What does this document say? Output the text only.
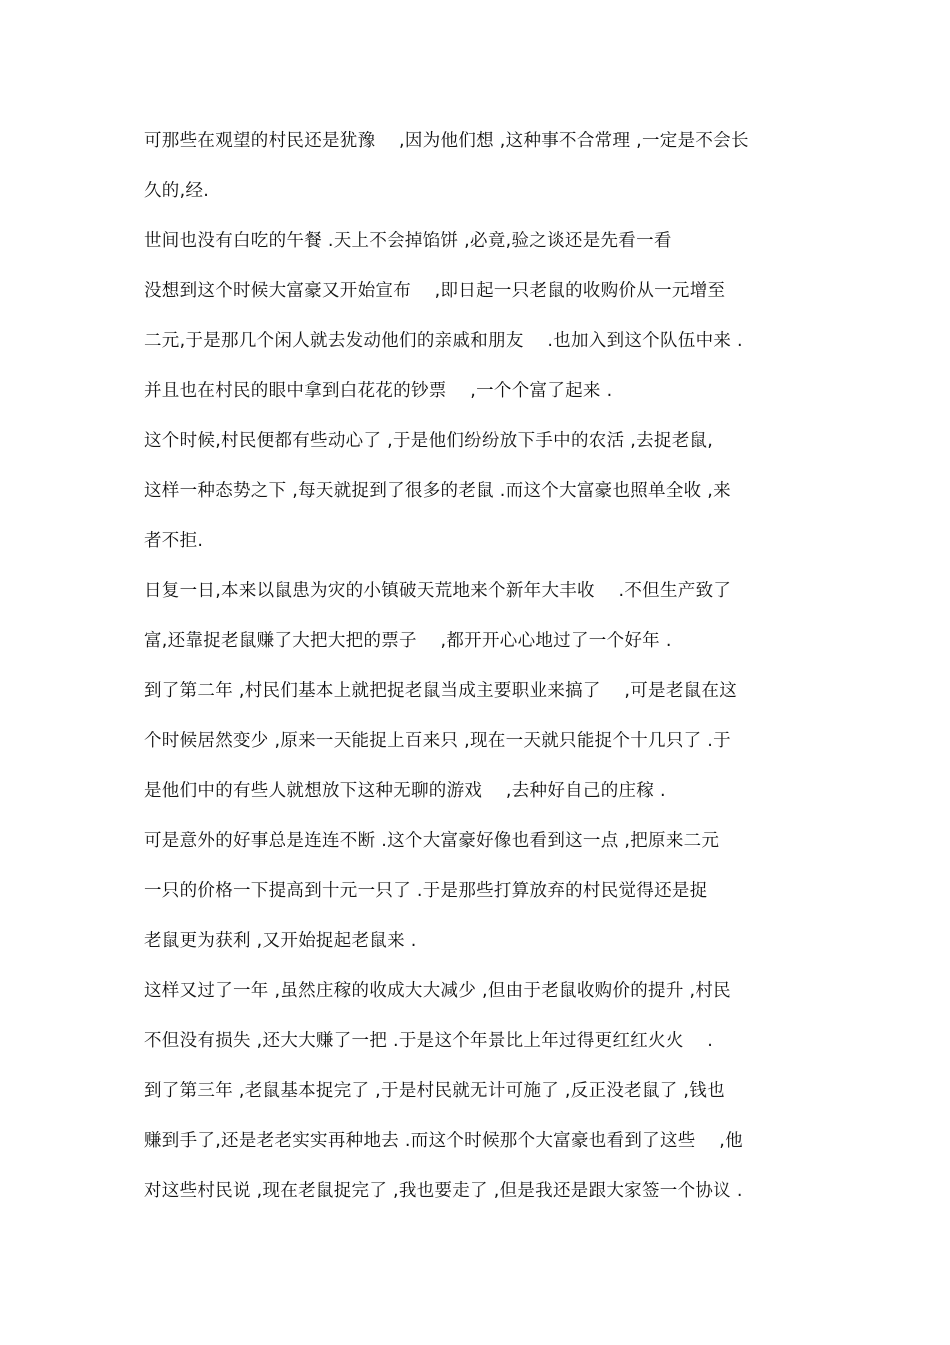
可那些在观望的村民还是犹豫　 ,因为他们想 ,这种事不合常理 ,一定是不会长
久的,经.
世间也没有白吃的午餐 .天上不会掉馅饼 ,必竟,验之谈还是先看一看
没想到这个时候大富豪又开始宣布　 ,即日起一只老鼠的收购价从一元增至
二元,于是那几个闲人就去发动他们的亲戚和朋友　 .也加入到这个队伍中来 .
并且也在村民的眼中拿到白花花的钞票　 ,一个个富了起来 .
这个时候,村民便都有些动心了 ,于是他们纷纷放下手中的农活 ,去捉老鼠,
这样一种态势之下 ,每天就捉到了很多的老鼠 .而这个大富豪也照单全收 ,来
者不拒.
日复一日,本来以鼠患为灾的小镇破天荒地来个新年大丰收　 .不但生产致了
富,还靠捉老鼠赚了大把大把的票子　 ,都开开心心地过了一个好年 .
到了第二年 ,村民们基本上就把捉老鼠当成主要职业来搞了　 ,可是老鼠在这
个时候居然变少 ,原来一天能捉上百来只 ,现在一天就只能捉个十几只了 .于
是他们中的有些人就想放下这种无聊的游戏　 ,去种好自己的庄稼 .
可是意外的好事总是连连不断 .这个大富豪好像也看到这一点 ,把原来二元
一只的价格一下提高到十元一只了 .于是那些打算放弃的村民觉得还是捉
老鼠更为获利 ,又开始捉起老鼠来 .
这样又过了一年 ,虽然庄稼的收成大大减少 ,但由于老鼠收购价的提升 ,村民
不但没有损失 ,还大大赚了一把 .于是这个年景比上年过得更红红火火　 .
到了第三年 ,老鼠基本捉完了 ,于是村民就无计可施了 ,反正没老鼠了 ,钱也
赚到手了,还是老老实实再种地去 .而这个时候那个大富豪也看到了这些　 ,他
对这些村民说 ,现在老鼠捉完了 ,我也要走了 ,但是我还是跟大家签一个协议 .
